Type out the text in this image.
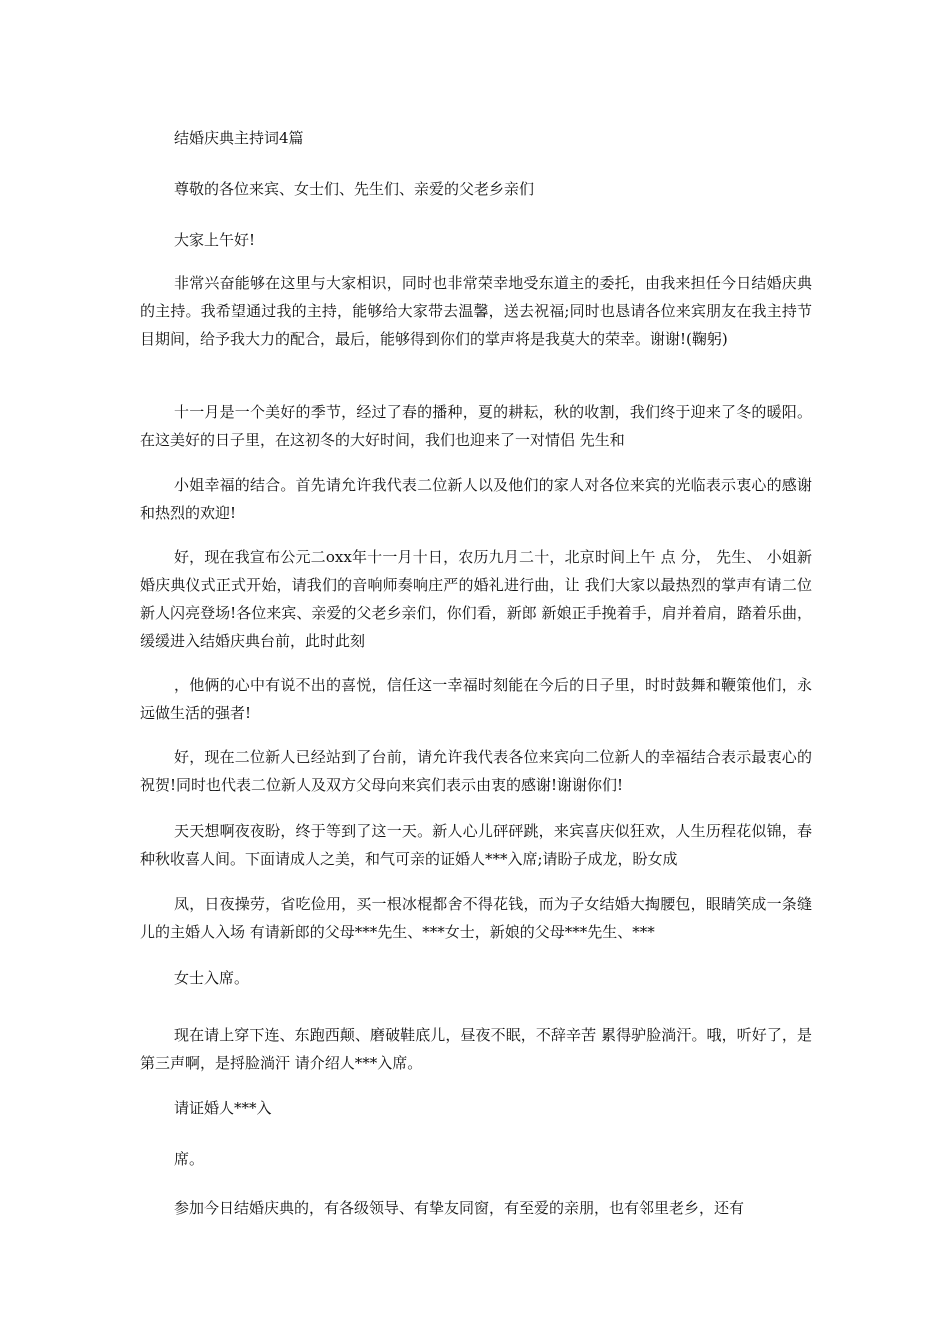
结婚庆典主持词4篇

尊敬的各位来宾、女士们、先生们、亲爱的父老乡亲们

大家上午好!

非常兴奋能够在这里与大家相识，同时也非常荣幸地受东道主的委托，由我来担任今日结婚庆典的主持。我希望通过我的主持，能够给大家带去温馨，送去祝福;同时也恳请各位来宾朋友在我主持节目期间，给予我大力的配合，最后，能够得到你们的掌声将是我莫大的荣幸。谢谢!(鞠躬)

十一月是一个美好的季节，经过了春的播种，夏的耕耘，秋的收割，我们终于迎来了冬的暖阳。在这美好的日子里，在这初冬的大好时间，我们也迎来了一对情侣 先生和

小姐幸福的结合。首先请允许我代表二位新人以及他们的家人对各位来宾的光临表示衷心的感谢和热烈的欢迎!

好，现在我宣布公元二oxx年十一月十日，农历九月二十，北京时间上午 点 分， 先生、 小姐新婚庆典仪式正式开始，请我们的音响师奏响庄严的婚礼进行曲，让 我们大家以最热烈的掌声有请二位新人闪亮登场!各位来宾、亲爱的父老乡亲们，你们看，新郎 新娘正手挽着手，肩并着肩，踏着乐曲，缓缓进入结婚庆典台前，此时此刻

，他俩的心中有说不出的喜悦，信任这一幸福时刻能在今后的日子里，时时鼓舞和鞭策他们，永远做生活的强者!

好，现在二位新人已经站到了台前，请允许我代表各位来宾向二位新人的幸福结合表示最衷心的祝贺!同时也代表二位新人及双方父母向来宾们表示由衷的感谢!谢谢你们!

天天想啊夜夜盼，终于等到了这一天。新人心儿砰砰跳，来宾喜庆似狂欢，人生历程花似锦，春种秋收喜人间。下面请成人之美，和气可亲的证婚人***入席;请盼子成龙，盼女成

凤，日夜操劳，省吃俭用，买一根冰棍都舍不得花钱，而为子女结婚大掏腰包，眼睛笑成一条缝儿的主婚人入场 有请新郎的父母***先生、***女士，新娘的父母***先生、***

女士入席。

现在请上穿下连、东跑西颠、磨破鞋底儿，昼夜不眠，不辞辛苦 累得驴脸淌汗。哦，听好了，是第三声啊，是捋脸淌汗 请介绍人***入席。

请证婚人***入

席。

参加今日结婚庆典的，有各级领导、有挚友同窗，有至爱的亲朋，也有邻里老乡，还有
